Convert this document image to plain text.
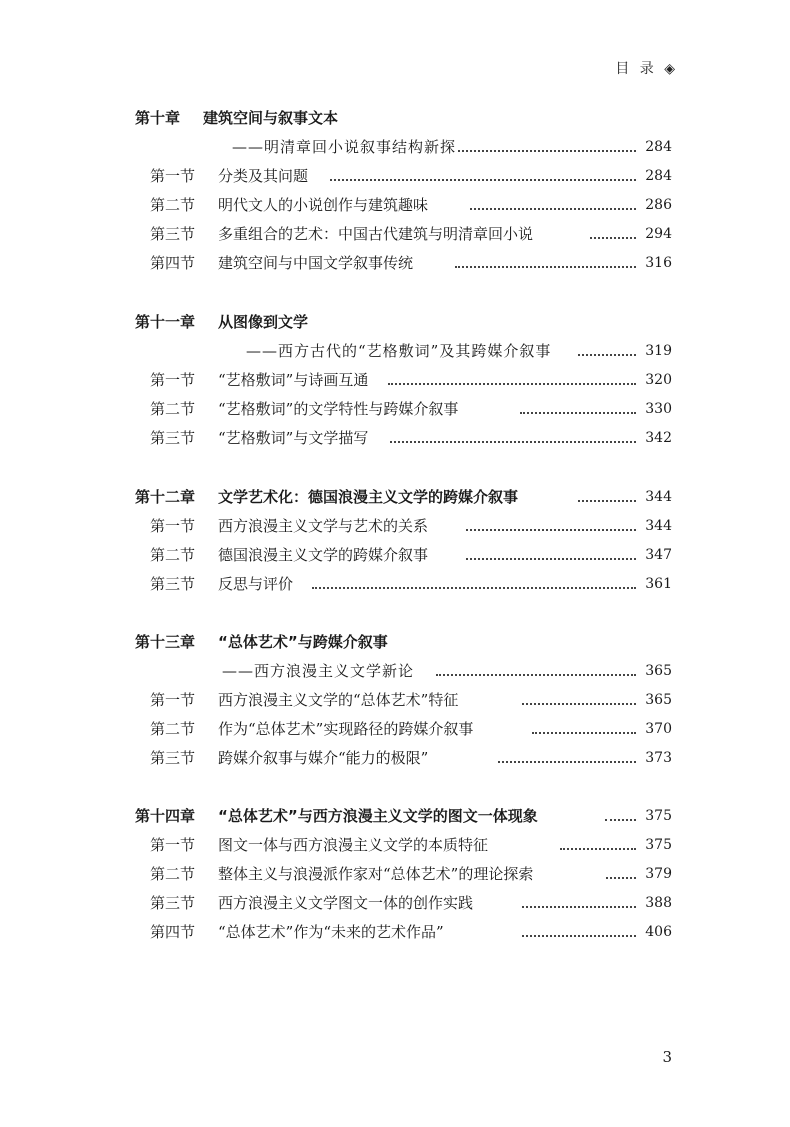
目 录 ◈
第十章 建筑空间与叙事文本
——明清章回小说叙事结构新探	284
第一节 分类及其问题	284
第二节 明代文人的小说创作与建筑趣味	286
第三节 多重组合的艺术：中国古代建筑与明清章回小说	294
第四节 建筑空间与中国文学叙事传统	316
第十一章 从图像到文学
——西方古代的“艺格敷词”及其跨媒介叙事	319
第一节 “艺格敷词”与诗画互通	320
第二节 “艺格敷词”的文学特性与跨媒介叙事	330
第三节 “艺格敷词”与文学描写	342
第十二章 文学艺术化：德国浪漫主义文学的跨媒介叙事	344
第一节 西方浪漫主义文学与艺术的关系	344
第二节 德国浪漫主义文学的跨媒介叙事	347
第三节 反思与评价	361
第十三章 “总体艺术”与跨媒介叙事
——西方浪漫主义文学新论	365
第一节 西方浪漫主义文学的“总体艺术”特征	365
第二节 作为“总体艺术”实现路径的跨媒介叙事	370
第三节 跨媒介叙事与媒介“能力的极限”	373
第十四章 “总体艺术”与西方浪漫主义文学的图文一体现象	375
第一节 图文一体与西方浪漫主义文学的本质特征	375
第二节 整体主义与浪漫派作家对“总体艺术”的理论探索	379
第三节 西方浪漫主义文学图文一体的创作实践	388
第四节 “总体艺术”作为“未来的艺术作品”	406
3
